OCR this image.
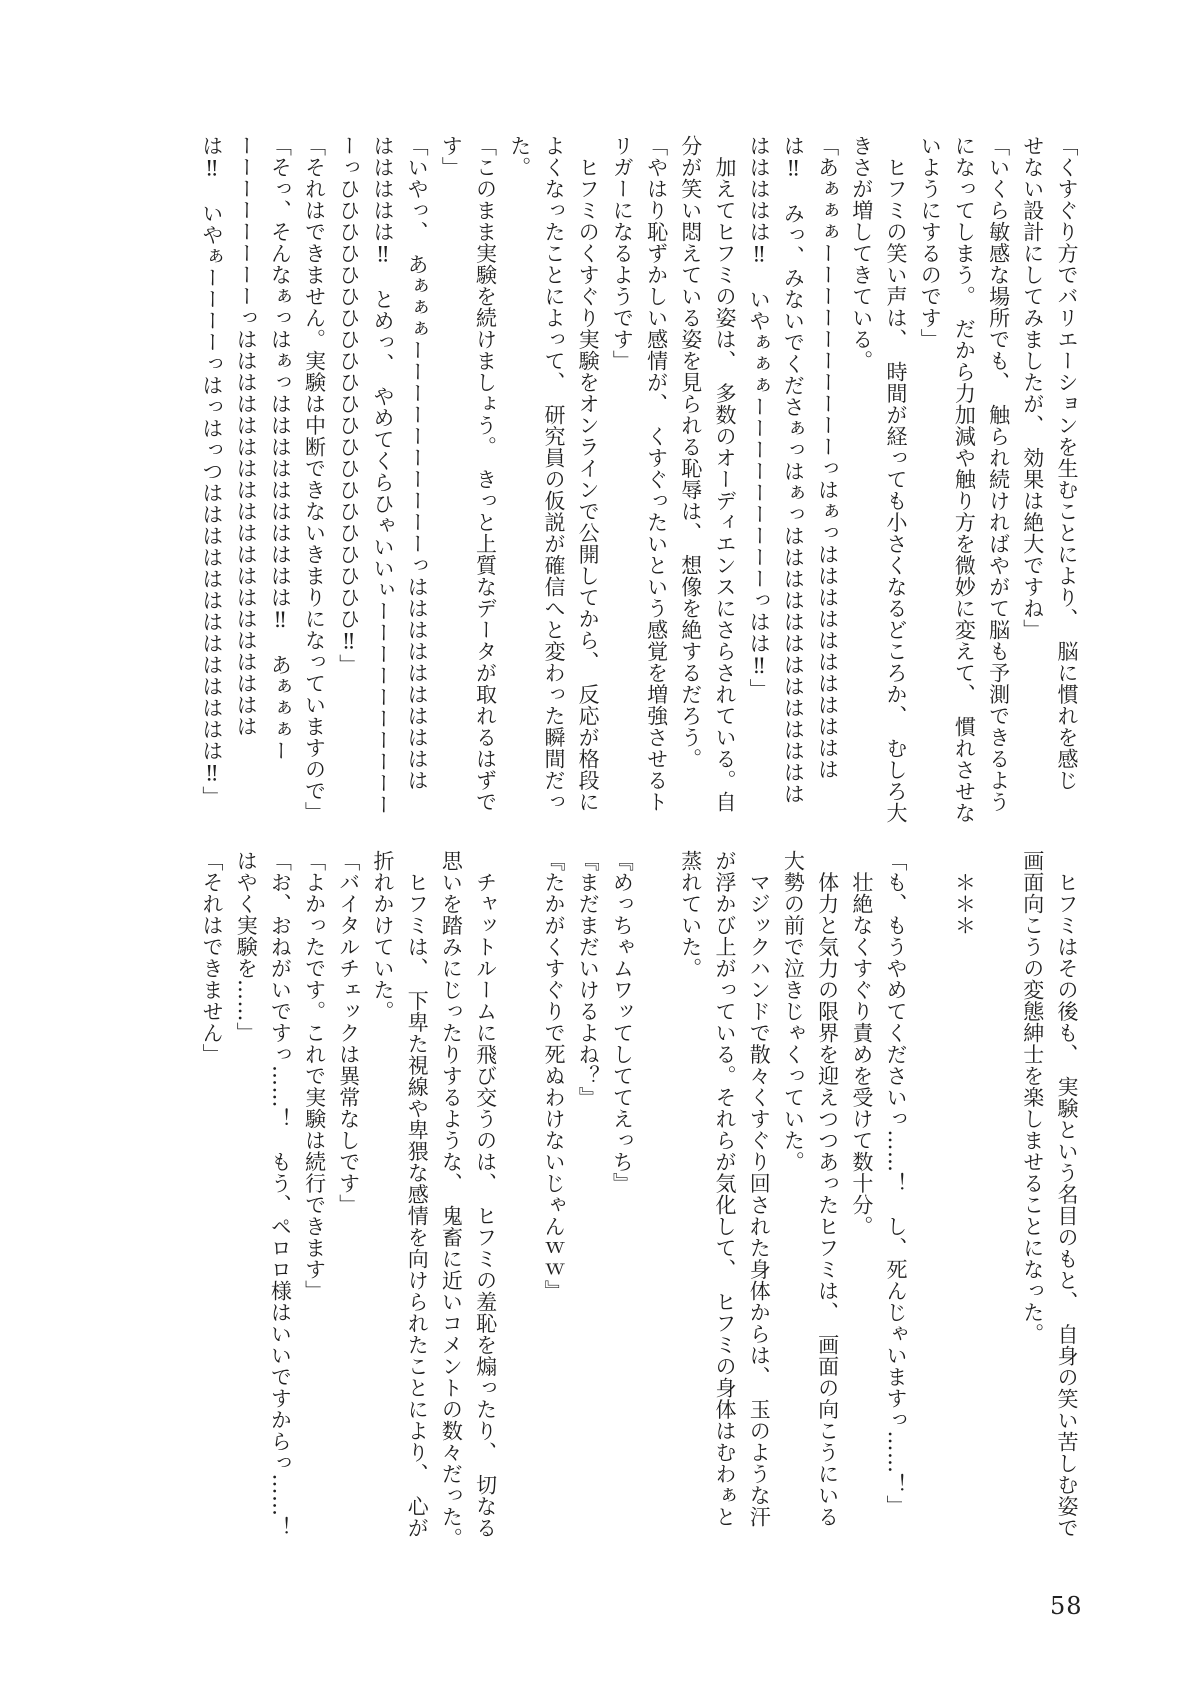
「くすぐり方でバリエーションを生むことにより、　脳に慣れを感じ
せない設計にしてみましたが、　効果は絶大ですね」
「いくら敏感な場所でも、　触られ続ければやがて脳も予測できるよう
になってしまう。　だから力加減や触り方を微妙に変えて、　慣れさせな
いようにするのです」
　ヒフミの笑い声は、　時間が経っても小さくなるどころか、　むしろ大
きさが増してきている。
「あぁぁぁーーーーーーーーーーっはぁっははははははははははは
は‼　みっ、みないでくださぁっはぁっははははははははははははは
ははははは‼　いやぁぁぁーーーーーーーーーっはは‼」
　加えてヒフミの姿は、　多数のオーディエンスにさらされている。自
分が笑い悶えている姿を見られる恥辱は、　想像を絶するだろう。
「やはり恥ずかしい感情が、　くすぐったいという感覚を増強させるト
リガーになるようです」
　ヒフミのくすぐり実験をオンラインで公開してから、　反応が格段に
よくなったことによって、　研究員の仮説が確信へと変わった瞬間だっ
た。
「このまま実験を続けましょう。　きっと上質なデータが取れるはずで
す」
「いやっ、　あぁぁぁーーーーーーーーーーっはははははははははは
ははははは‼　とめっ、　やめてくらひゃいいぃーーーーーーーーーー
ーっひひひひひひひひひひひひひひひひひひひひひ‼」
「それはできません。実験は中断できないきまりになっていますので」
「そっ、そんなぁっはぁっはははははははははは‼　あぁぁぁー
ーーーーーーーーっははははははははははははははははははは
は‼　いやぁーーーーっはっはっつははははははははははははは‼」
　ヒフミはその後も、　実験という名目のもと、　自身の笑い苦しむ姿で
画面向こうの変態紳士を楽しませることになった。
　＊＊＊
「も、もうやめてくださいっ……！　し、死んじゃいますっ……！」
　壮絶なくすぐり責めを受けて数十分。
　体力と気力の限界を迎えつつあったヒフミは、　画面の向こうにいる
大勢の前で泣きじゃくっていた。
　マジックハンドで散々くすぐり回された身体からは、　玉のような汗
が浮かび上がっている。それらが気化して、　ヒフミの身体はむわぁと
蒸れていた。
『めっちゃムワッてしててえっち』
『まだまだいけるよね？』
『たかがくすぐりで死ぬわけないじゃんｗｗ』
　チャットルームに飛び交うのは、　ヒフミの羞恥を煽ったり、　切なる
思いを踏みにじったりするような、　鬼畜に近いコメントの数々だった。
　ヒフミは、　下卑た視線や卑猥な感情を向けられたことにより、　心が
折れかけていた。
「バイタルチェックは異常なしです」
「よかったです。これで実験は続行できます」
「お、おねがいですっ……！　もう、ペロロ様はいいですからっ……！
はやく実験を……」
「それはできません」
58
